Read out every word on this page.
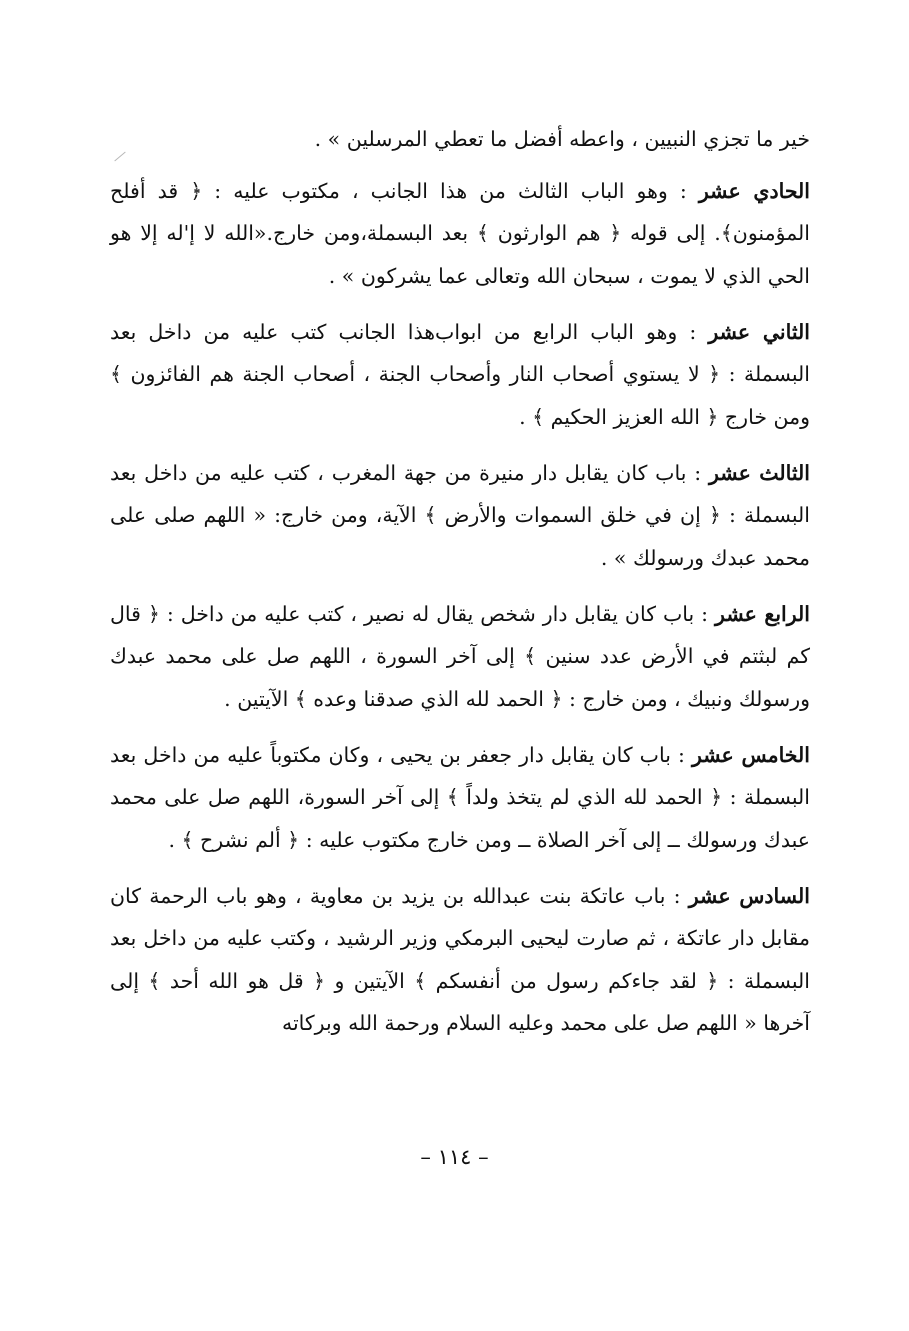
خير ما تجزي النبيين ، واعطه أفضل ما تعطي المرسلين » .

الحادي عشر : وهو الباب الثالث من هذا الجانب ، مكتوب عليه : ﴿ قد أفلح المؤمنون﴾. إلى قوله ﴿ هم الوارثون ﴾ بعد البسملة،ومن خارج.«الله لا إ'له إلا هو الحي الذي لا يموت ، سبحان الله وتعالى عما يشركون » .

الثاني عشر : وهو الباب الرابع من ابواب‌هذا الجانب كتب عليه من داخل بعد البسملة : ﴿ لا يستوي أصحاب النار وأصحاب الجنة ، أصحاب الجنة هم الفائزون ﴾ ومن خارج ﴿ الله العزيز الحكيم ﴾ .

الثالث عشر : باب كان يقابل دار منيرة من جهة المغرب ، كتب عليه من داخل بعد البسملة : ﴿ إن في خلق السموات والأرض ﴾ الآية، ومن خارج: « اللهم صلى على محمد عبدك ورسولك » .

الرابع عشر : باب كان يقابل دار شخص يقال له نصير ، كتب عليه من داخل : ﴿ قال كم لبثتم في الأرض عدد سنين ﴾ إلى آخر السورة ، اللهم صل على محمد عبدك ورسولك ونبيك ، ومن خارج : ﴿ الحمد لله الذي صدقنا وعده ﴾ الآيتين .

الخامس عشر : باب كان يقابل دار جعفر بن يحيى ، وكان مكتوباً عليه من داخل بعد البسملة : ﴿ الحمد لله الذي لم يتخذ ولداً ﴾ إلى آخر السورة، اللهم صل على محمد عبدك ورسولك ــ إلى آخر الصلاة ــ ومن خارج مكتوب عليه : ﴿ ألم نشرح ﴾ .

السادس عشر : باب عاتكة بنت عبدالله بن يزيد بن معاوية ، وهو باب الرحمة كان مقابل دار عاتكة ، ثم صارت ليحيى البرمكي وزير الرشيد ، وكتب عليه من داخل بعد البسملة : ﴿ لقد جاءكم رسول من أنفسكم ﴾ الآيتين و ﴿ قل هو الله أحد ﴾ إلى آخرها « اللهم صل على محمد وعليه السلام ورحمة الله وبركاته

– ١١٤ –
